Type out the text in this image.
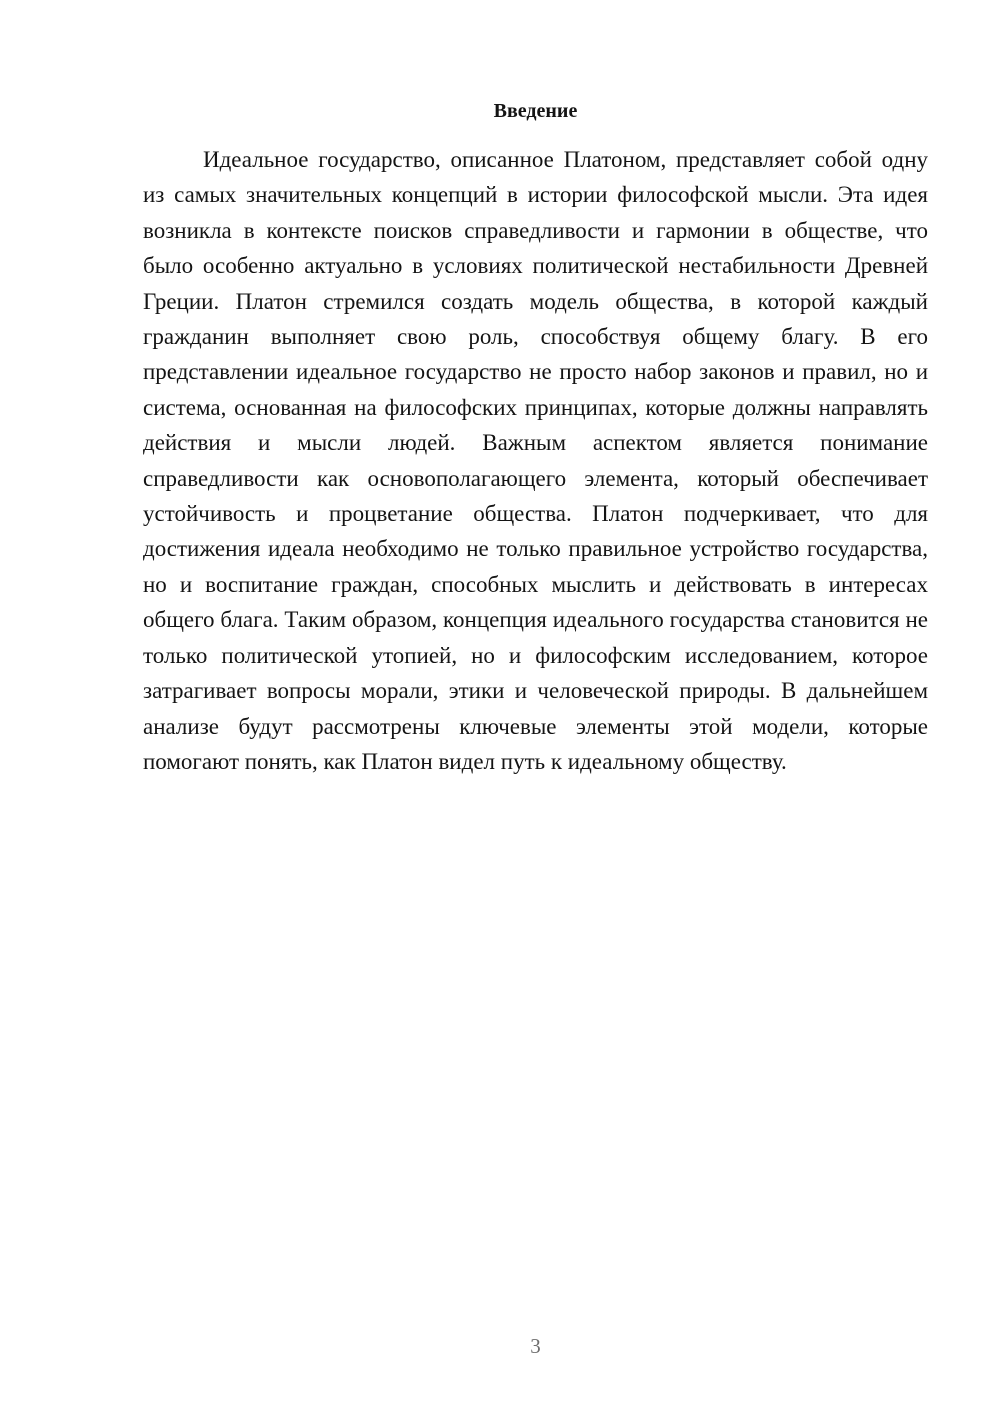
Введение

Идеальное государство, описанное Платоном, представляет собой одну из самых значительных концепций в истории философской мысли. Эта идея возникла в контексте поисков справедливости и гармонии в обществе, что было особенно актуально в условиях политической нестабильности Древней Греции. Платон стремился создать модель общества, в которой каждый гражданин выполняет свою роль, способствуя общему благу. В его представлении идеальное государство не просто набор законов и правил, но и система, основанная на философских принципах, которые должны направлять действия и мысли людей. Важным аспектом является понимание справедливости как основополагающего элемента, который обеспечивает устойчивость и процветание общества. Платон подчеркивает, что для достижения идеала необходимо не только правильное устройство государства, но и воспитание граждан, способных мыслить и действовать в интересах общего блага. Таким образом, концепция идеального государства становится не только политической утопией, но и философским исследованием, которое затрагивает вопросы морали, этики и человеческой природы. В дальнейшем анализе будут рассмотрены ключевые элементы этой модели, которые помогают понять, как Платон видел путь к идеальному обществу.

3
